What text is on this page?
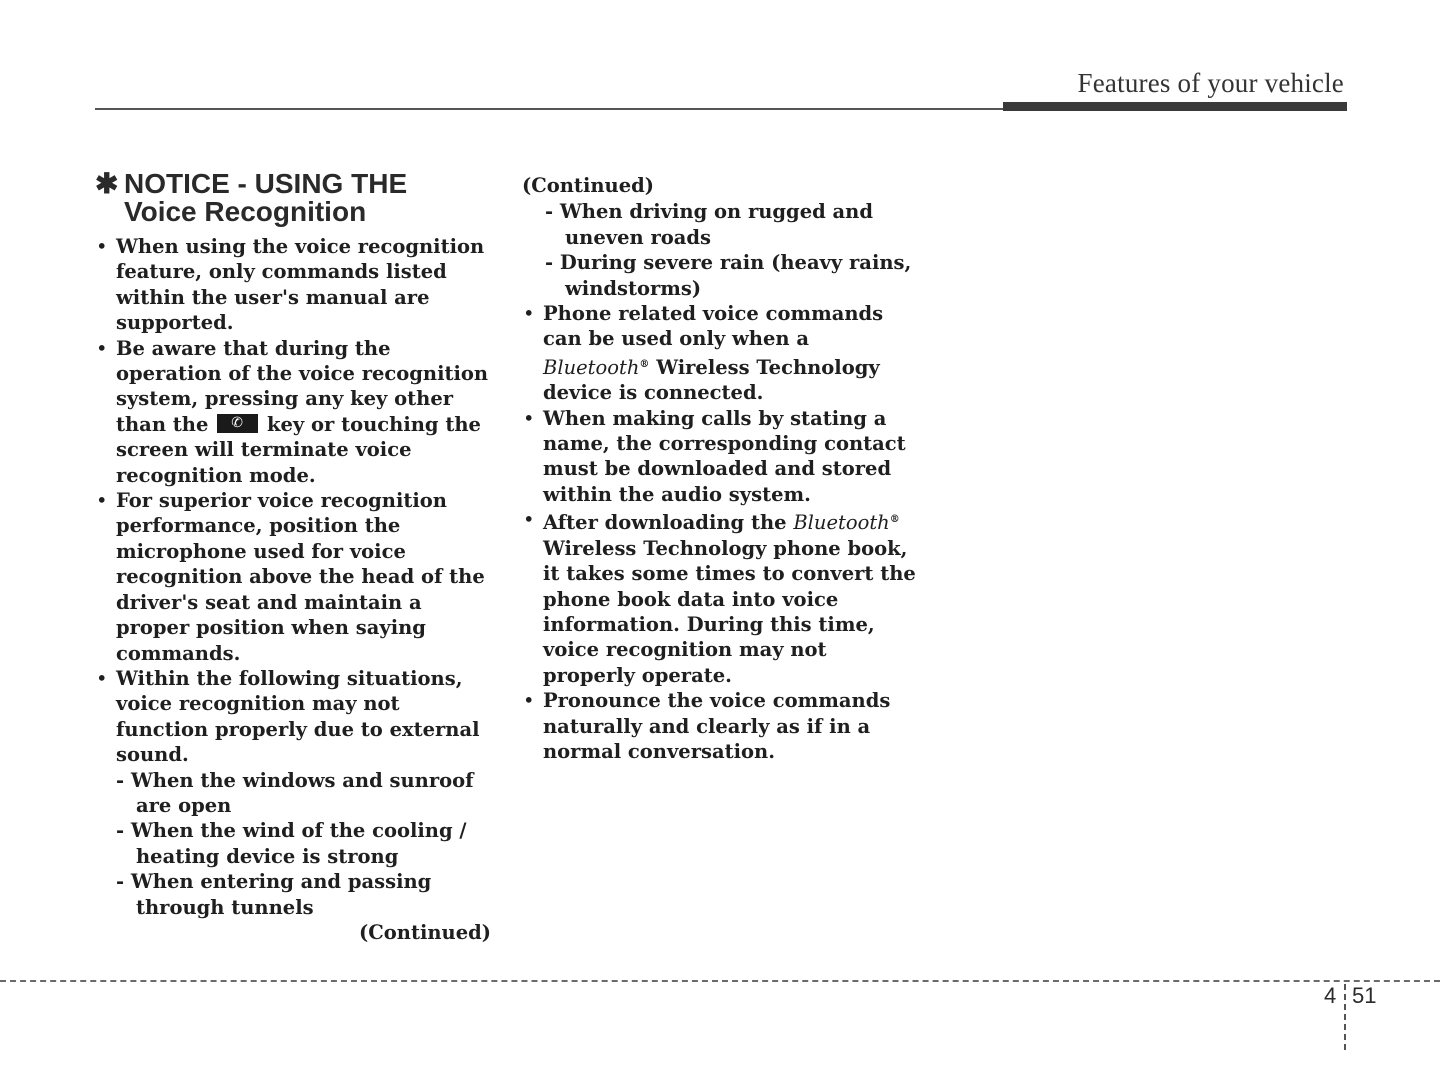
Features of your vehicle
✱ NOTICE - USING THE
Voice Recognition
• When using the voice recognition feature, only commands listed within the user's manual are supported.
• Be aware that during the operation of the voice recognition system, pressing any key other than the ✆ key or touching the screen will terminate voice recognition mode.
• For superior voice recognition performance, position the microphone used for voice recognition above the head of the driver's seat and maintain a proper position when saying commands.
• Within the following situations, voice recognition may not function properly due to external sound.
- When the windows and sunroof are open
- When the wind of the cooling / heating device is strong
- When entering and passing through tunnels
(Continued)
(Continued)
- When driving on rugged and uneven roads
- During severe rain (heavy rains, windstorms)
• Phone related voice commands can be used only when a Bluetooth® Wireless Technology device is connected.
• When making calls by stating a name, the corresponding contact must be downloaded and stored within the audio system.
• After downloading the Bluetooth® Wireless Technology phone book, it takes some times to convert the phone book data into voice information. During this time, voice recognition may not properly operate.
• Pronounce the voice commands naturally and clearly as if in a normal conversation.
4 51
